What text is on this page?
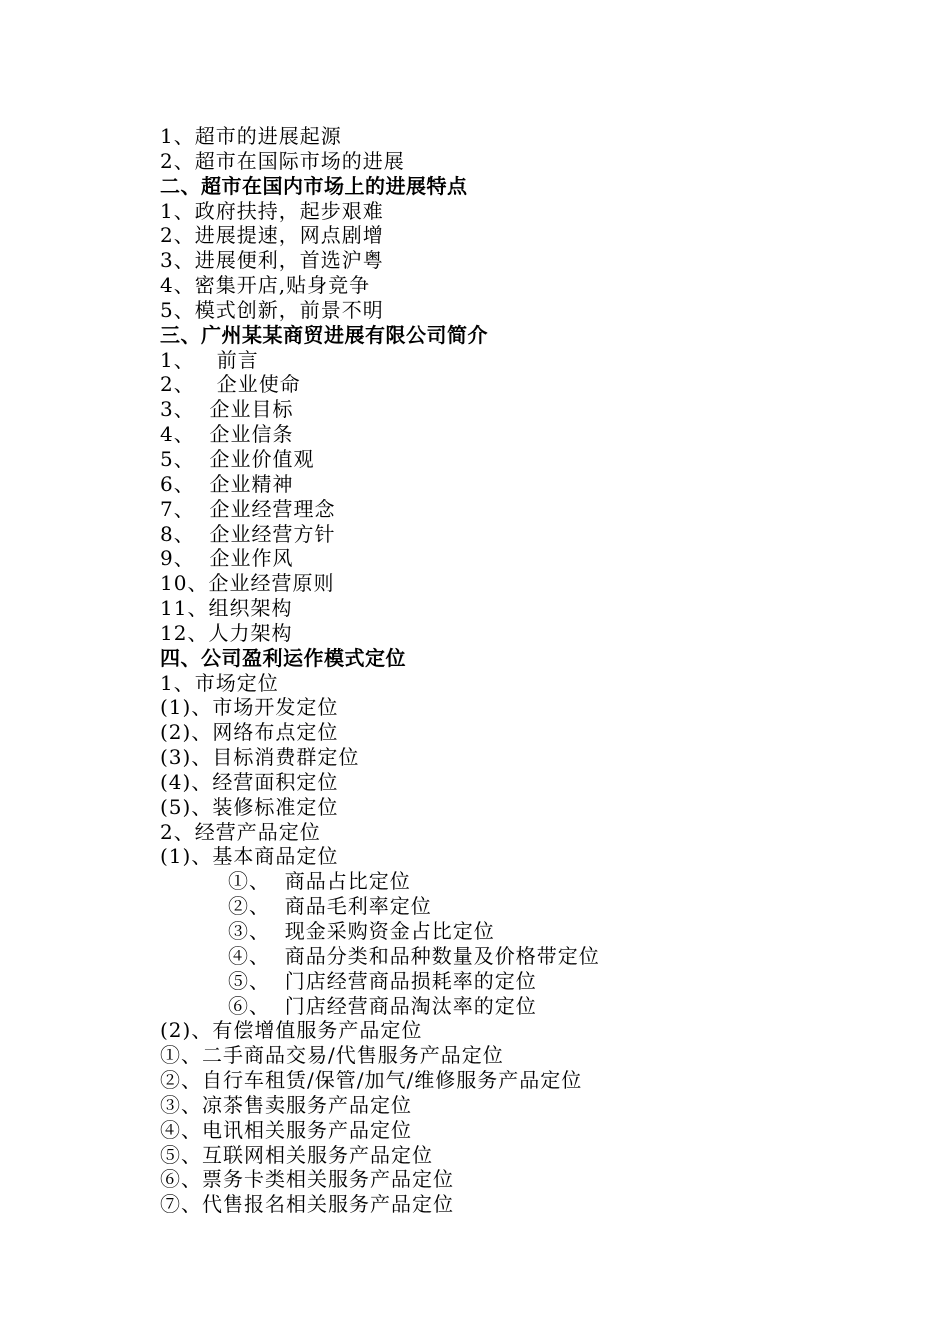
1、超市的进展起源
2、超市在国际市场的进展
二、超市在国内市场上的进展特点
1、政府扶持，起步艰难
2、进展提速，网点剧增
3、进展便利，首选沪粤
4、密集开店,贴身竞争
5、模式创新，前景不明
三、广州某某商贸进展有限公司简介
1、   前言
2、   企业使命
3、  企业目标
4、  企业信条
5、  企业价值观
6、  企业精神
7、  企业经营理念
8、  企业经营方针
9、  企业作风
10、企业经营原则
11、组织架构
12、人力架构
四、公司盈利运作模式定位
1、市场定位
(1)、市场开发定位
(2)、网络布点定位
(3)、目标消费群定位
(4)、经营面积定位
(5)、装修标准定位
2、经营产品定位
(1)、基本商品定位
①、  商品占比定位
②、  商品毛利率定位
③、  现金采购资金占比定位
④、  商品分类和品种数量及价格带定位
⑤、  门店经营商品损耗率的定位
⑥、  门店经营商品淘汰率的定位
(2)、有偿增值服务产品定位
①、二手商品交易/代售服务产品定位
②、自行车租赁/保管/加气/维修服务产品定位
③、凉茶售卖服务产品定位
④、电讯相关服务产品定位
⑤、互联网相关服务产品定位
⑥、票务卡类相关服务产品定位
⑦、代售报名相关服务产品定位
